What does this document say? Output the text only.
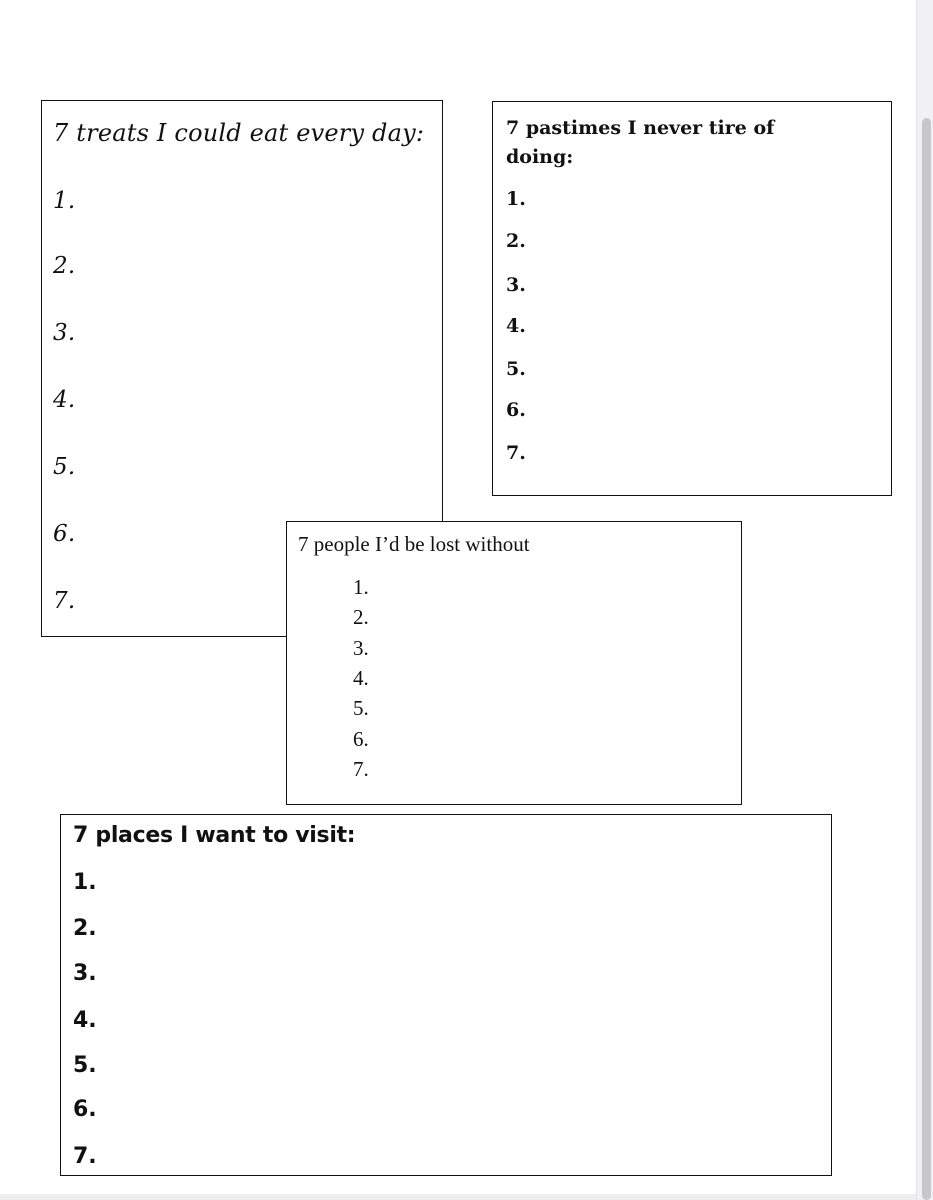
7 treats I could eat every day:
1.
2.
3.
4.
5.
6.
7.
7 pastimes I never tire of doing:
1.
2.
3.
4.
5.
6.
7.
7 people I’d be lost without
1.
2.
3.
4.
5.
6.
7.
7 places I want to visit:
1.
2.
3.
4.
5.
6.
7.
